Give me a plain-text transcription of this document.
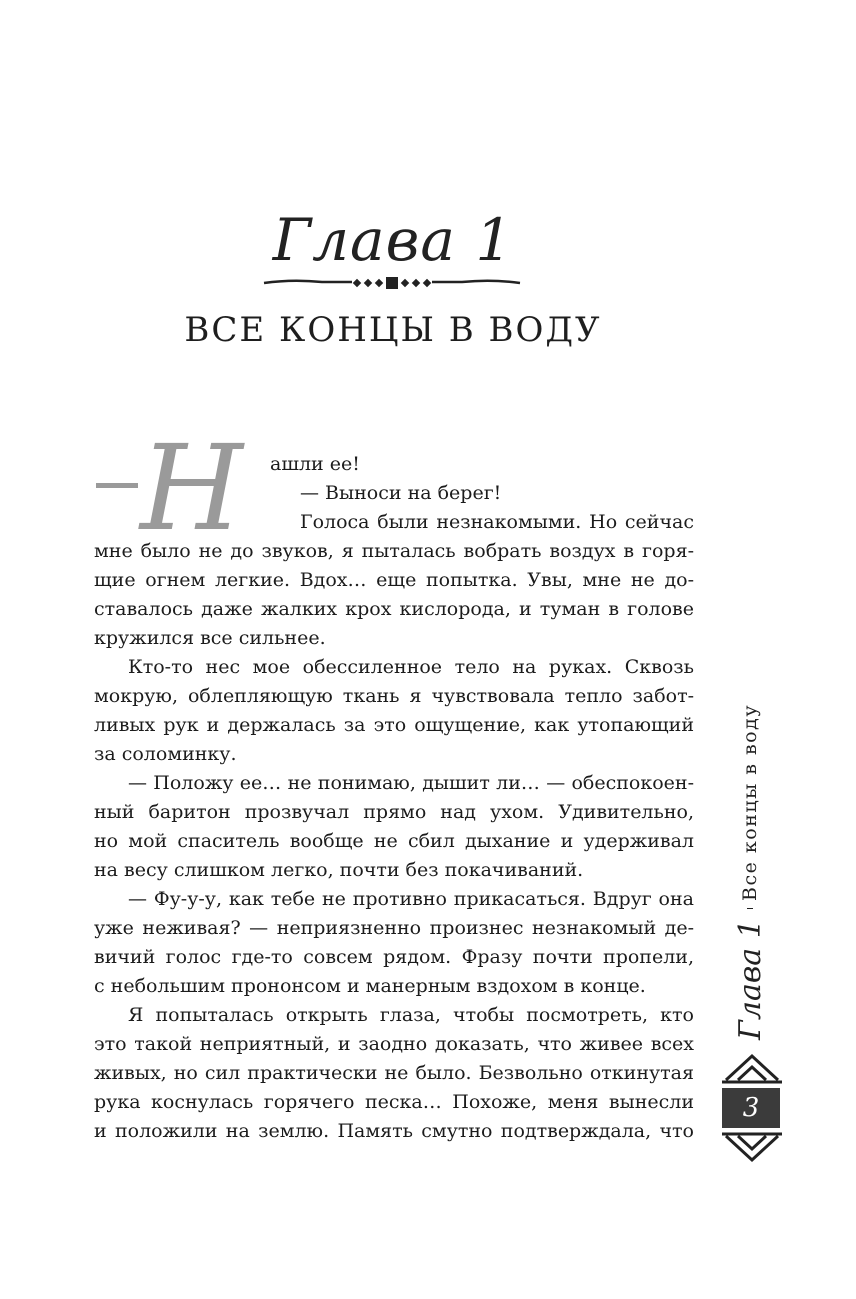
Глава 1
ВСЕ КОНЦЫ В ВОДУ
Н	ашли ее!
— Выноси на берег!
Голоса были незнакомыми. Но сейчас
мне было не до звуков, я пыталась вобрать воздух в горя-
щие огнем легкие. Вдох… еще попытка. Увы, мне не до-
ставалось даже жалких крох кислорода, и туман в голове
кружился все сильнее.
Кто-то нес мое обессиленное тело на руках. Сквозь
мокрую, облепляющую ткань я чувствовала тепло забот-
ливых рук и держалась за это ощущение, как утопающий
за соломинку.
— Положу ее… не понимаю, дышит ли… — обеспокоен-
ный баритон прозвучал прямо над ухом. Удивительно,
но мой спаситель вообще не сбил дыхание и удерживал
на весу слишком легко, почти без покачиваний.
— Фу-у-у, как тебе не противно прикасаться. Вдруг она
уже неживая? — неприязненно произнес незнакомый де-
вичий голос где-то совсем рядом. Фразу почти пропели,
с небольшим прононсом и манерным вздохом в конце.
Я попыталась открыть глаза, чтобы посмотреть, кто
это такой неприятный, и заодно доказать, что живее всех
живых, но сил практически не было. Безвольно откинутая
рука коснулась горячего песка… Похоже, меня вынесли
и положили на землю. Память смутно подтверждала, что
Глава 1
Все концы в воду
3
